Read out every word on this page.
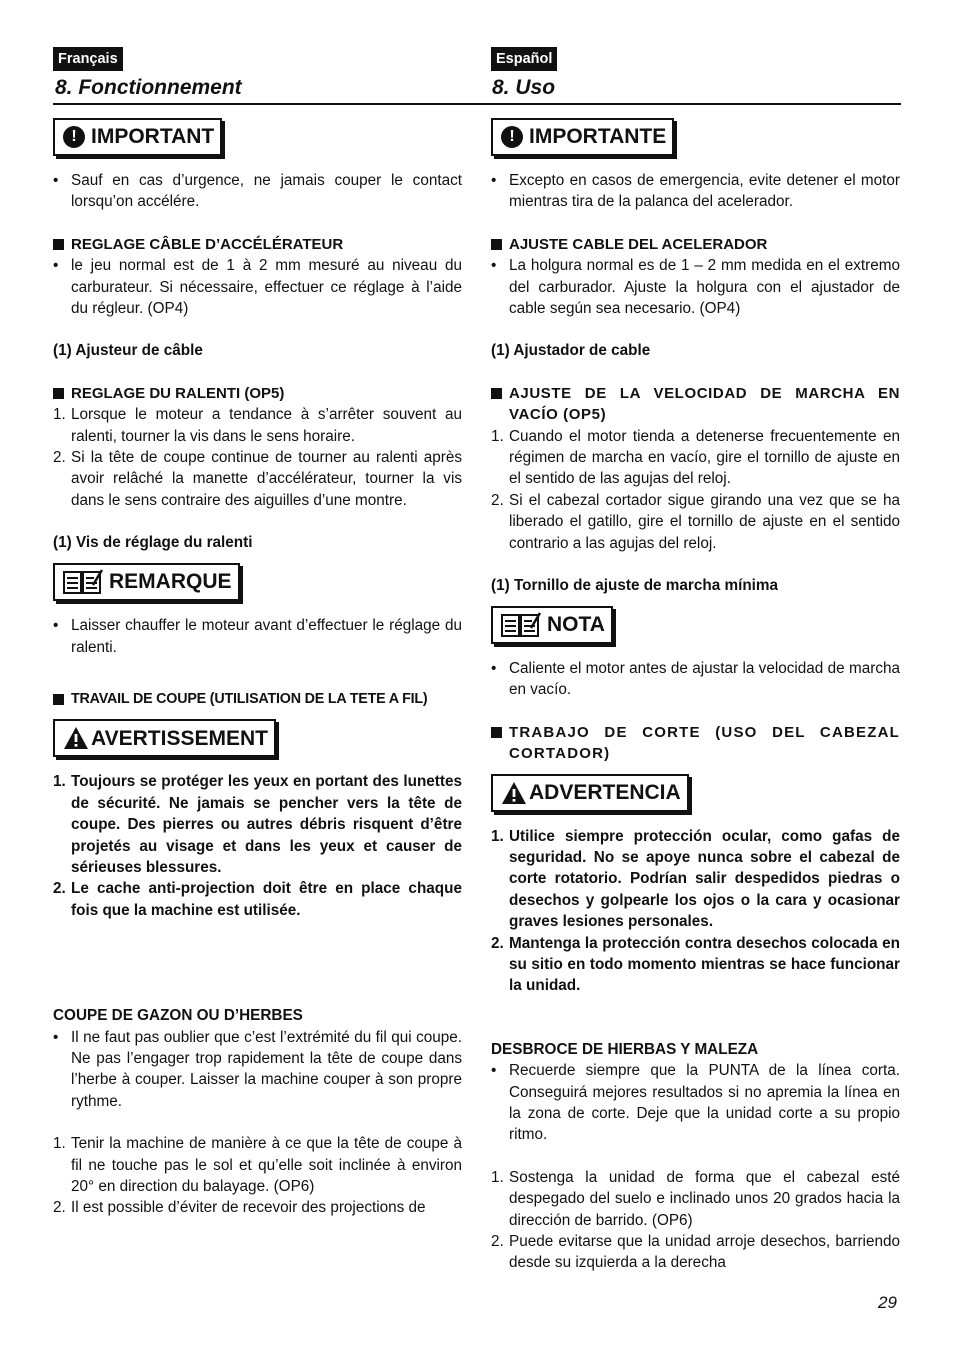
Français	Español
8. Fonctionnement	8. Uso
! IMPORTANT
• Sauf en cas d’urgence, ne jamais couper le contact lorsqu’on accélére.
REGLAGE CÂBLE D’ACCÉLÉRATEUR
• le jeu normal est de 1 à 2 mm mesuré au niveau du carburateur. Si nécessaire, effectuer ce réglage à l’aide du régleur. (OP4)

(1) Ajusteur de câble

REGLAGE DU RALENTI (OP5)
1. Lorsque le moteur a tendance à s’arrêter souvent au ralenti, tourner la vis dans le sens horaire.
2. Si la tête de coupe continue de tourner au ralenti après avoir relâché la manette d’accélérateur, tourner la vis dans le sens contraire des aiguilles d’une montre.

(1) Vis de réglage du ralenti

REMARQUE
• Laisser chauffer le moteur avant d’effectuer le réglage du ralenti.
TRAVAIL DE COUPE (UTILISATION DE LA TETE A FIL)
AVERTISSEMENT
1. Toujours se protéger les yeux en portant des lunettes de sécurité. Ne jamais se pencher vers la tête de coupe. Des pierres ou autres débris risquent d’être projetés au visage et dans les yeux et causer de sérieuses blessures.
2. Le cache anti-projection doit être en place chaque fois que la machine est utilisée.

COUPE DE GAZON OU D’HERBES

• Il ne faut pas oublier que c’est l’extrémité du fil qui coupe. Ne pas l’engager trop rapidement la tête de coupe dans l’herbe à couper. Laisser la machine couper à son propre rythme.
1. Tenir la machine de manière à ce que la tête de coupe à fil ne touche pas le sol et qu’elle soit inclinée à environ 20° en direction du balayage. (OP6)
2. Il est possible d’éviter de recevoir des projections de
! IMPORTANTE
• Excepto en casos de emergencia, evite detener el motor mientras tira de la palanca del acelerador.
AJUSTE CABLE DEL ACELERADOR
• La holgura normal es de 1 – 2 mm medida en el extremo del carburador. Ajuste la holgura con el ajustador de cable según sea necesario. (OP4)

(1) Ajustador de cable

AJUSTE DE LA VELOCIDAD DE MARCHA EN VACÍO (OP5)
1. Cuando el motor tienda a detenerse frecuentemente en régimen de marcha en vacío, gire el tornillo de ajuste en el sentido de las agujas del reloj.
2. Si el cabezal cortador sigue girando una vez que se ha liberado el gatillo, gire el tornillo de ajuste en el sentido contrario a las agujas del reloj.

(1) Tornillo de ajuste de marcha mínima

NOTA
• Caliente el motor antes de ajustar la velocidad de marcha en vacío.
TRABAJO DE CORTE (USO DEL CABEZAL CORTADOR)
ADVERTENCIA
1. Utilice siempre protección ocular, como gafas de seguridad. No se apoye nunca sobre el cabezal de corte rotatorio. Podrían salir despedidos piedras o desechos y golpearle los ojos o la cara y ocasionar graves lesiones personales.
2. Mantenga la protección contra desechos colocada en su sitio en todo momento mientras se hace funcionar la unidad.

DESBROCE DE HIERBAS Y MALEZA

• Recuerde siempre que la PUNTA de la línea corta. Conseguirá mejores resultados si no apremia la línea en la zona de corte. Deje que la unidad corte a su propio ritmo.
1. Sostenga la unidad de forma que el cabezal esté despegado del suelo e inclinado unos 20 grados hacia la dirección de barrido. (OP6)
2. Puede evitarse que la unidad arroje desechos, barriendo desde su izquierda a la derecha
29
